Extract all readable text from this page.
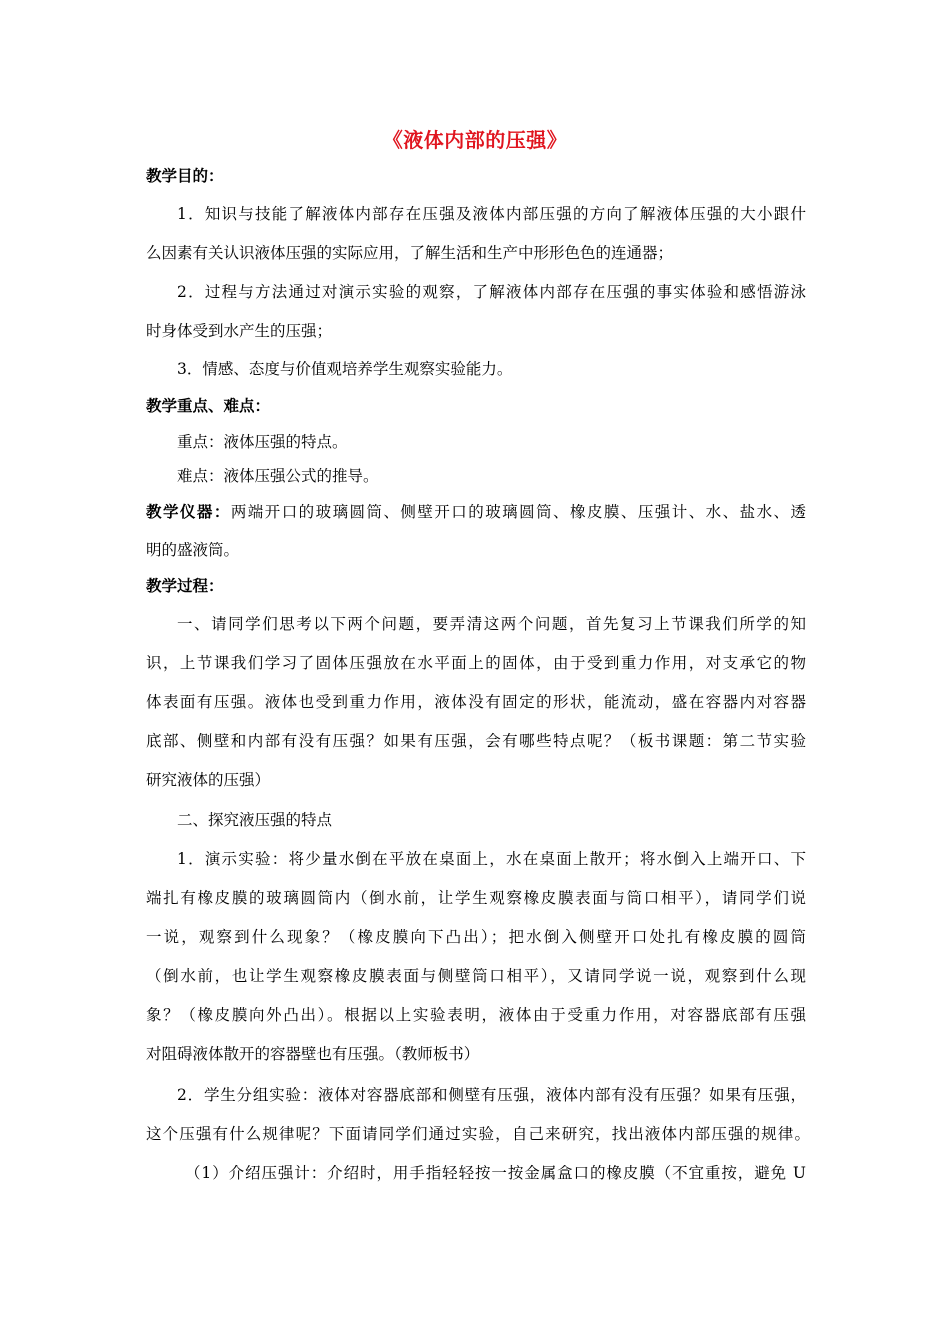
《液体内部的压强》
教学目的：
1．知识与技能了解液体内部存在压强及液体内部压强的方向了解液体压强的大小跟什
么因素有关认识液体压强的实际应用，了解生活和生产中形形色色的连通器；
2．过程与方法通过对演示实验的观察，了解液体内部存在压强的事实体验和感悟游泳
时身体受到水产生的压强；
3．情感、态度与价值观培养学生观察实验能力。
教学重点、难点：
重点：液体压强的特点。
难点：液体压强公式的推导。
教学仪器：两端开口的玻璃圆筒、侧壁开口的玻璃圆筒、橡皮膜、压强计、水、盐水、透
明的盛液筒。
教学过程：
一、请同学们思考以下两个问题，要弄清这两个问题，首先复习上节课我们所学的知
识，上节课我们学习了固体压强放在水平面上的固体，由于受到重力作用，对支承它的物
体表面有压强。液体也受到重力作用，液体没有固定的形状，能流动，盛在容器内对容器
底部、侧壁和内部有没有压强？如果有压强，会有哪些特点呢？（板书课题：第二节实验
研究液体的压强）
二、探究液压强的特点
1．演示实验：将少量水倒在平放在桌面上，水在桌面上散开；将水倒入上端开口、下
端扎有橡皮膜的玻璃圆筒内（倒水前，让学生观察橡皮膜表面与筒口相平），请同学们说
一说，观察到什么现象？（橡皮膜向下凸出）；把水倒入侧壁开口处扎有橡皮膜的圆筒
（倒水前，也让学生观察橡皮膜表面与侧壁筒口相平），又请同学说一说，观察到什么现
象？（橡皮膜向外凸出）。根据以上实验表明，液体由于受重力作用，对容器底部有压强
对阻碍液体散开的容器壁也有压强。（教师板书）
2．学生分组实验：液体对容器底部和侧壁有压强，液体内部有没有压强？如果有压强，
这个压强有什么规律呢？下面请同学们通过实验，自己来研究，找出液体内部压强的规律。
（1）介绍压强计：介绍时，用手指轻轻按一按金属盒口的橡皮膜（不宜重按，避免 U
